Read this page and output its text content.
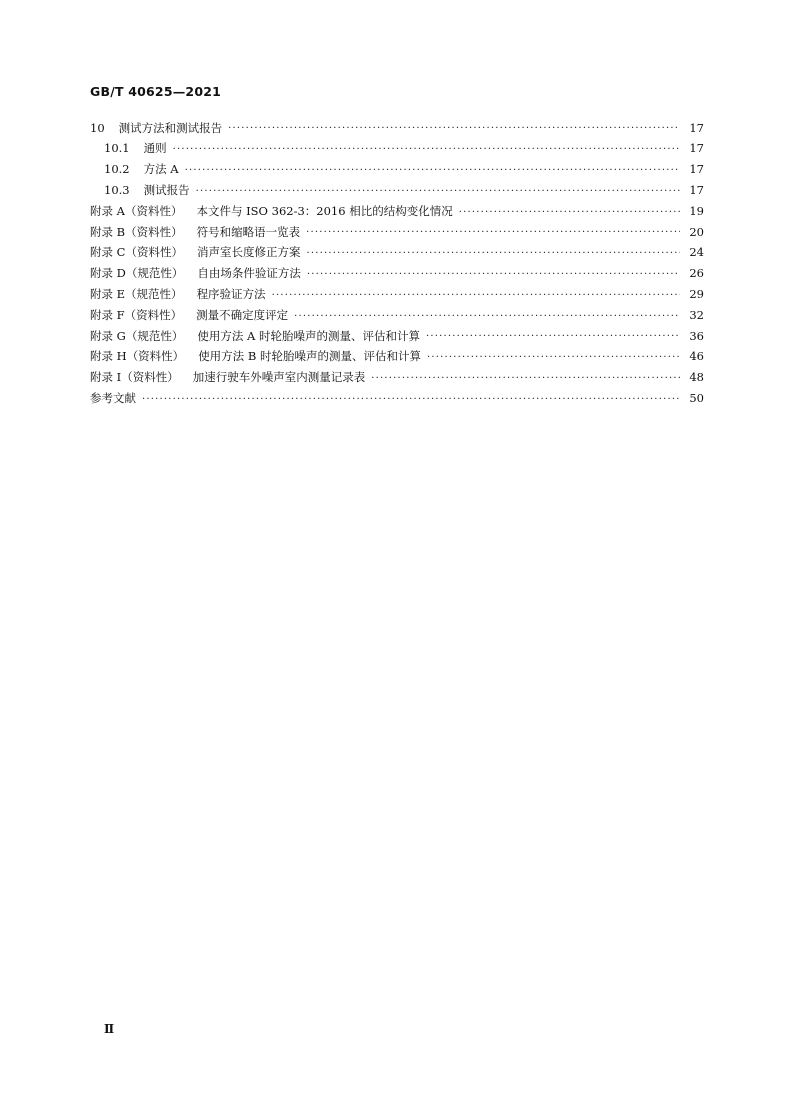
GB/T 40625—2021
10 测试方法和测试报告 ·····	17
10.1 通则 ·····	17
10.2 方法 A ·····	17
10.3 测试报告 ·····	17
附录 A （资料性） 本文件与 ISO 362-3：2016 相比的结构变化情况 ·····	19
附录 B （资料性） 符号和缩略语一览表 ·····	20
附录 C （资料性） 消声室长度修正方案 ·····	24
附录 D （规范性） 自由场条件验证方法 ·····	26
附录 E （规范性） 程序验证方法 ·····	29
附录 F （资料性） 测量不确定度评定 ·····	32
附录 G （规范性） 使用方法 A 时轮胎噪声的测量、评估和计算 ·····	36
附录 H （资料性） 使用方法 B 时轮胎噪声的测量、评估和计算 ·····	46
附录 I （资料性） 加速行驶车外噪声室内测量记录表 ·····	48
参考文献 ·····	50
Ⅱ
